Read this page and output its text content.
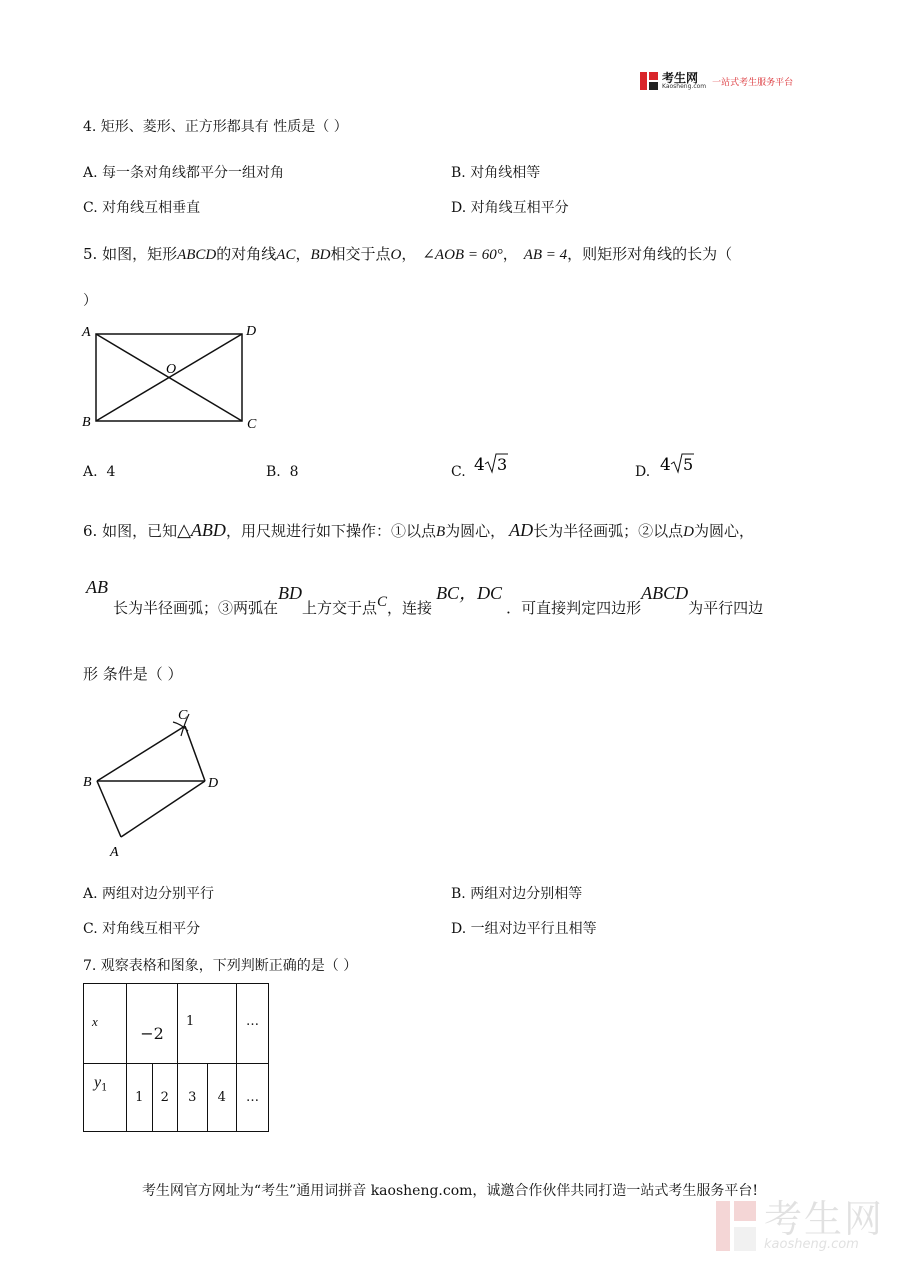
考生网
Kaosheng.com 一站式考生服务平台
4. 矩形、菱形、正方形都具有 性质是（ ）
A. 每一条对角线都平分一组对角	B. 对角线相等
C. 对角线互相垂直	D. 对角线互相平分
5. 如图，矩形ABCD的对角线AC，BD相交于点O， ∠AOB = 60°， AB = 4，则矩形对角线的长为（
）
A	D
B	C
O
A. 4	B. 8	C. 4 3	D. 4 5
6. 如图，已知△ABD，用尺规进行如下操作：①以点B为圆心， AD长为半径画弧；②以点D为圆心，
AB
长为半径画弧；③两弧在BD上方交于点C，连接BC，DC．可直接判定四边形ABCD为平行四边
形 条件是（ ）
B	D
C
A
A. 两组对边分别平行	B. 两组对边分别相等
C. 对角线互相平分	D. 一组对边平行且相等
7. 观察表格和图象，下列判断正确的是（ ）
x	−2		1		…
$y_1$	1	2	3	4	…
考生网官方网址为“考生”通用词拼音 kaosheng.com，诚邀合作伙伴共同打造一站式考生服务平台!
考生网
kaosheng.com
